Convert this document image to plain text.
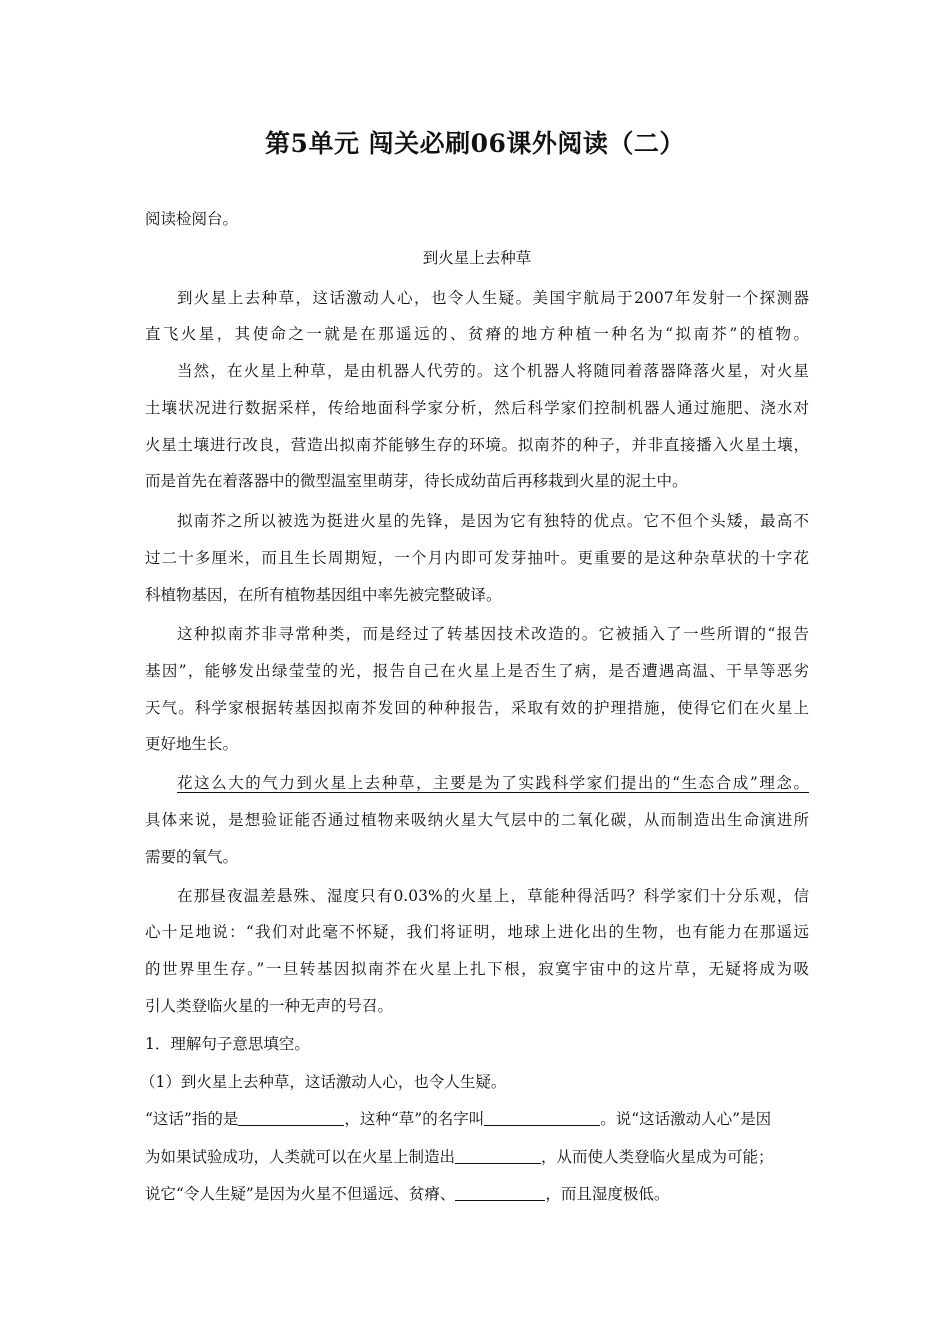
第5单元 闯关必刷06课外阅读（二）
阅读检阅台。
到火星上去种草
到火星上去种草，这话激动人心，也令人生疑。美国宇航局于2007年发射一个探测器
直飞火星，其使命之一就是在那遥远的、贫瘠的地方种植一种名为“拟南芥”的植物。
当然，在火星上种草，是由机器人代劳的。这个机器人将随同着落器降落火星，对火星
土壤状况进行数据采样，传给地面科学家分析，然后科学家们控制机器人通过施肥、浇水对
火星土壤进行改良，营造出拟南芥能够生存的环境。拟南芥的种子，并非直接播入火星土壤，
而是首先在着落器中的微型温室里萌芽，待长成幼苗后再移栽到火星的泥土中。
拟南芥之所以被选为挺进火星的先锋，是因为它有独特的优点。它不但个头矮，最高不
过二十多厘米，而且生长周期短，一个月内即可发芽抽叶。更重要的是这种杂草状的十字花
科植物基因，在所有植物基因组中率先被完整破译。
这种拟南芥非寻常种类，而是经过了转基因技术改造的。它被插入了一些所谓的“报告
基因”，能够发出绿莹莹的光，报告自己在火星上是否生了病，是否遭遇高温、干旱等恶劣
天气。科学家根据转基因拟南芥发回的种种报告，采取有效的护理措施，使得它们在火星上
更好地生长。
花这么大的气力到火星上去种草，主要是为了实践科学家们提出的“生态合成”理念。
具体来说，是想验证能否通过植物来吸纳火星大气层中的二氧化碳，从而制造出生命演进所
需要的氧气。
在那昼夜温差悬殊、湿度只有0.03%的火星上，草能种得活吗？科学家们十分乐观，信
心十足地说：“我们对此毫不怀疑，我们将证明，地球上进化出的生物，也有能力在那遥远
的世界里生存。”一旦转基因拟南芥在火星上扎下根，寂寞宇宙中的这片草，无疑将成为吸
引人类登临火星的一种无声的号召。
1．理解句子意思填空。
（1）到火星上去种草，这话激动人心，也令人生疑。
“这话”指的是	，这种“草”的名字叫	。说“这话激动人心”是因
为如果试验成功，人类就可以在火星上制造出	，从而使人类登临火星成为可能；
说它“令人生疑”是因为火星不但遥远、贫瘠、	，而且湿度极低。
